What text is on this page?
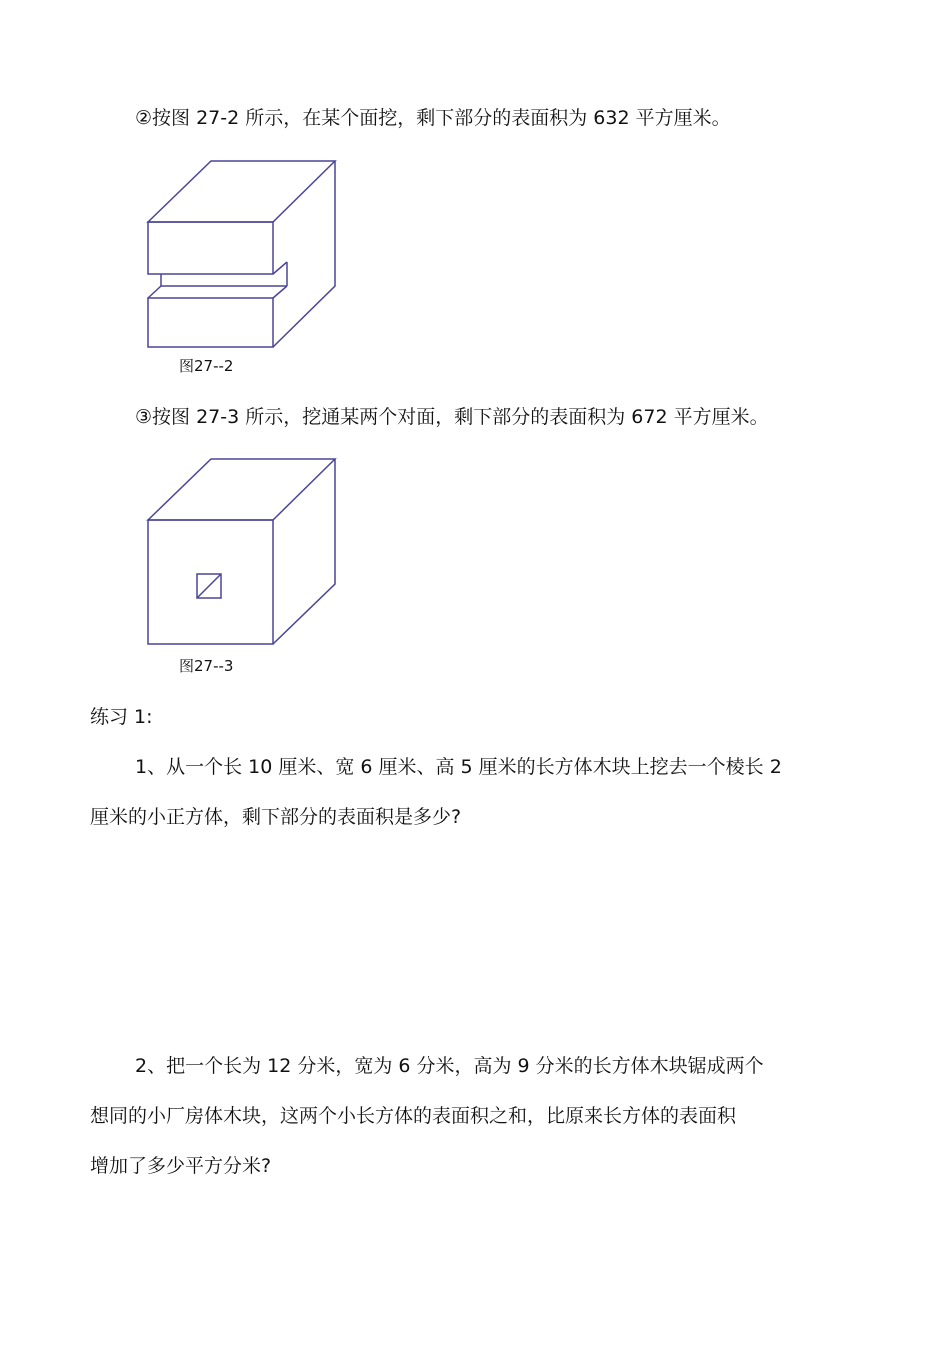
②按图 27-2 所示，在某个面挖，剩下部分的表面积为 632 平方厘米。
图27--2
③按图 27-3 所示，挖通某两个对面，剩下部分的表面积为 672 平方厘米。
图27--3
练习 1:
1、从一个长 10 厘米、宽 6 厘米、高 5 厘米的长方体木块上挖去一个棱长 2
厘米的小正方体，剩下部分的表面积是多少?
2、把一个长为 12 分米，宽为 6 分米，高为 9 分米的长方体木块锯成两个
想同的小厂房体木块，这两个小长方体的表面积之和，比原来长方体的表面积
增加了多少平方分米?
